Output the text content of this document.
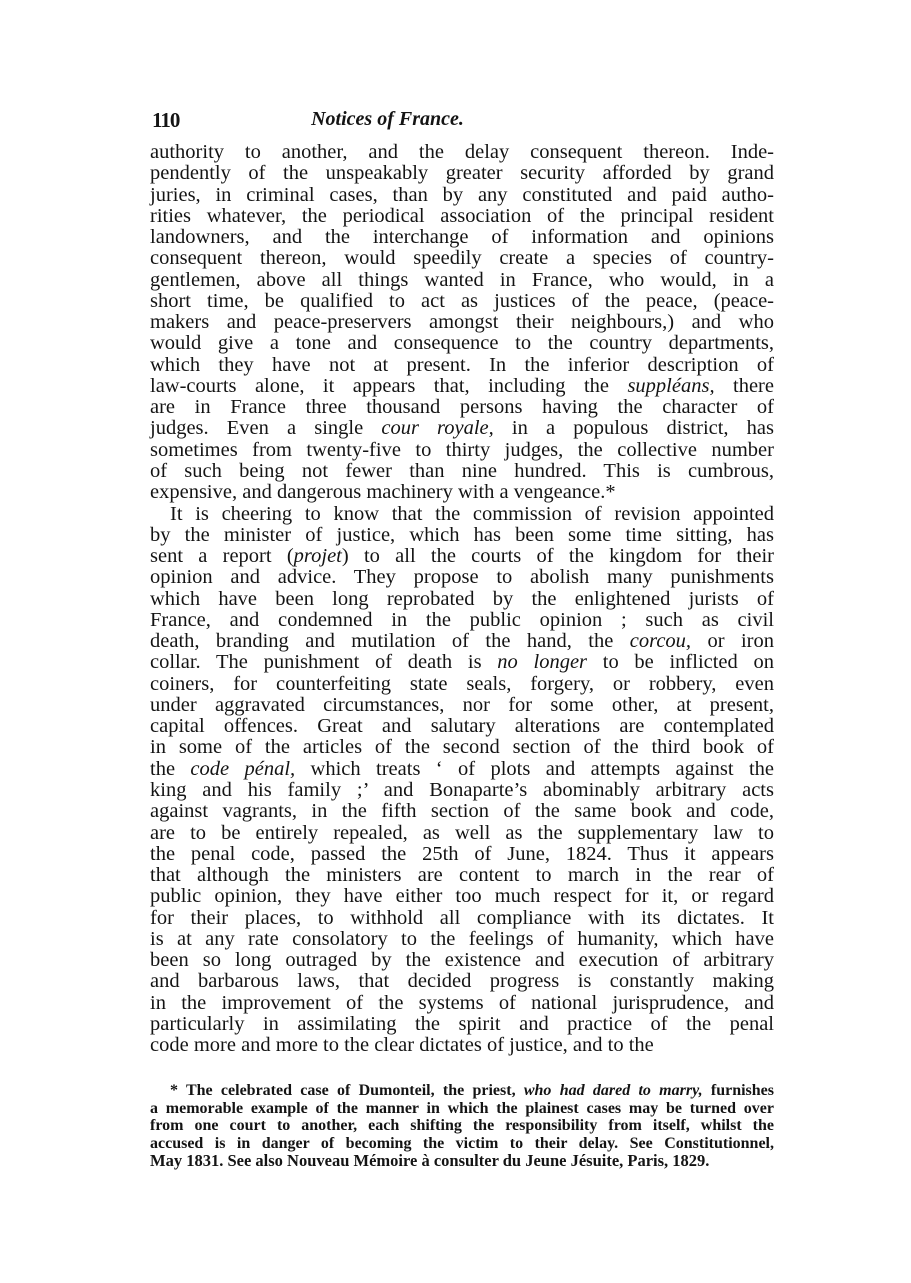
110	Notices of France.
authority to another, and the delay consequent thereon. Inde-
pendently of the unspeakably greater security afforded by grand
juries, in criminal cases, than by any constituted and paid autho-
rities whatever, the periodical association of the principal resident
landowners, and the interchange of information and opinions
consequent thereon, would speedily create a species of country-
gentlemen, above all things wanted in France, who would, in a
short time, be qualified to act as justices of the peace, (peace-
makers and peace-preservers amongst their neighbours,) and who
would give a tone and consequence to the country departments,
which they have not at present. In the inferior description of
law-courts alone, it appears that, including the suppléans, there
are in France three thousand persons having the character of
judges. Even a single cour royale, in a populous district, has
sometimes from twenty-five to thirty judges, the collective number
of such being not fewer than nine hundred. This is cumbrous,
expensive, and dangerous machinery with a vengeance.*
It is cheering to know that the commission of revision appointed
by the minister of justice, which has been some time sitting, has
sent a report (projet) to all the courts of the kingdom for their
opinion and advice. They propose to abolish many punishments
which have been long reprobated by the enlightened jurists of
France, and condemned in the public opinion ; such as civil
death, branding and mutilation of the hand, the corcou, or iron
collar. The punishment of death is no longer to be inflicted on
coiners, for counterfeiting state seals, forgery, or robbery, even
under aggravated circumstances, nor for some other, at present,
capital offences. Great and salutary alterations are contemplated
in some of the articles of the second section of the third book of
the code pénal, which treats ‘ of plots and attempts against the
king and his family ;’ and Bonaparte’s abominably arbitrary acts
against vagrants, in the fifth section of the same book and code,
are to be entirely repealed, as well as the supplementary law to
the penal code, passed the 25th of June, 1824. Thus it appears
that although the ministers are content to march in the rear of
public opinion, they have either too much respect for it, or regard
for their places, to withhold all compliance with its dictates. It
is at any rate consolatory to the feelings of humanity, which have
been so long outraged by the existence and execution of arbitrary
and barbarous laws, that decided progress is constantly making
in the improvement of the systems of national jurisprudence, and
particularly in assimilating the spirit and practice of the penal
code more and more to the clear dictates of justice, and to the
* The celebrated case of Dumonteil, the priest, who had dared to marry, furnishes
a memorable example of the manner in which the plainest cases may be turned over
from one court to another, each shifting the responsibility from itself, whilst the
accused is in danger of becoming the victim to their delay. See Constitutionnel,
May 1831. See also Nouveau Mémoire à consulter du Jeune Jésuite, Paris, 1829.
